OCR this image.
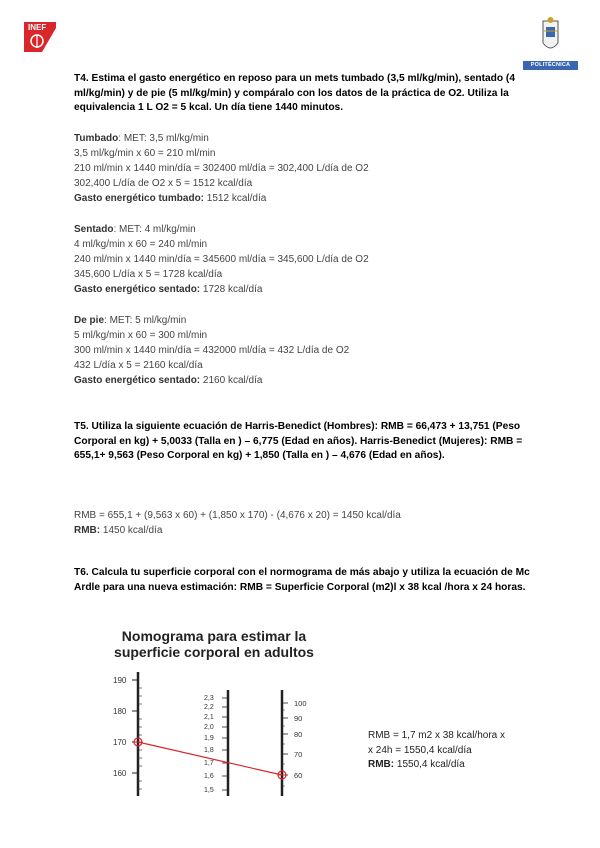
INEF
POLITÉCNICA
T4. Estima el gasto energético en reposo para un mets tumbado (3,5 ml/kg/min), sentado (4 ml/kg/min) y de pie (5 ml/kg/min) y compáralo con los datos de la práctica de O2. Utiliza la equivalencia 1 L O2 = 5 kcal. Un día tiene 1440 minutos.
Tumbado: MET: 3,5 ml/kg/min
3,5 ml/kg/min x 60 = 210 ml/min
210 ml/min x 1440 min/día = 302400 ml/día = 302,400 L/día de O2
302,400 L/día de O2 x 5 = 1512 kcal/día
Gasto energético tumbado: 1512 kcal/día
Sentado: MET: 4 ml/kg/min
4 ml/kg/min x 60 = 240 ml/min
240 ml/min x 1440 min/día = 345600 ml/día = 345,600 L/día de O2
345,600 L/día x 5 = 1728 kcal/día
Gasto energético sentado: 1728 kcal/día
De pie: MET: 5 ml/kg/min
5 ml/kg/min x 60 = 300 ml/min
300 ml/min x 1440 min/día = 432000 ml/día = 432 L/día de O2
432 L/día x 5 = 2160 kcal/día
Gasto energético sentado: 2160 kcal/día
T5. Utiliza la siguiente ecuación de Harris-Benedict (Hombres): RMB = 66,473 + 13,751 (Peso Corporal en kg) + 5,0033 (Talla en ) – 6,775 (Edad en años). Harris-Benedict (Mujeres): RMB = 655,1+ 9,563 (Peso Corporal en kg) + 1,850 (Talla en ) – 4,676 (Edad en años).
RMB = 655,1 + (9,563 x 60) + (1,850 x 170) - (4,676 x 20) = 1450 kcal/día
RMB: 1450 kcal/día
T6. Calcula tu superficie corporal con el normograma de más abajo y utiliza la ecuación de Mc Ardle para una nueva estimación: RMB = Superficie Corporal (m2)l x 38 kcal /hora x 24 horas.
Nomograma para estimar la
superficie corporal en adultos
190
180
170
160
2,3
2,2
2,1
2,0
1,9
1,8
1,7
1,6
1,5
100
90
80
70
60
RMB = 1,7 m2 x 38 kcal/hora x
x 24h = 1550,4 kcal/día
RMB: 1550,4 kcal/día
